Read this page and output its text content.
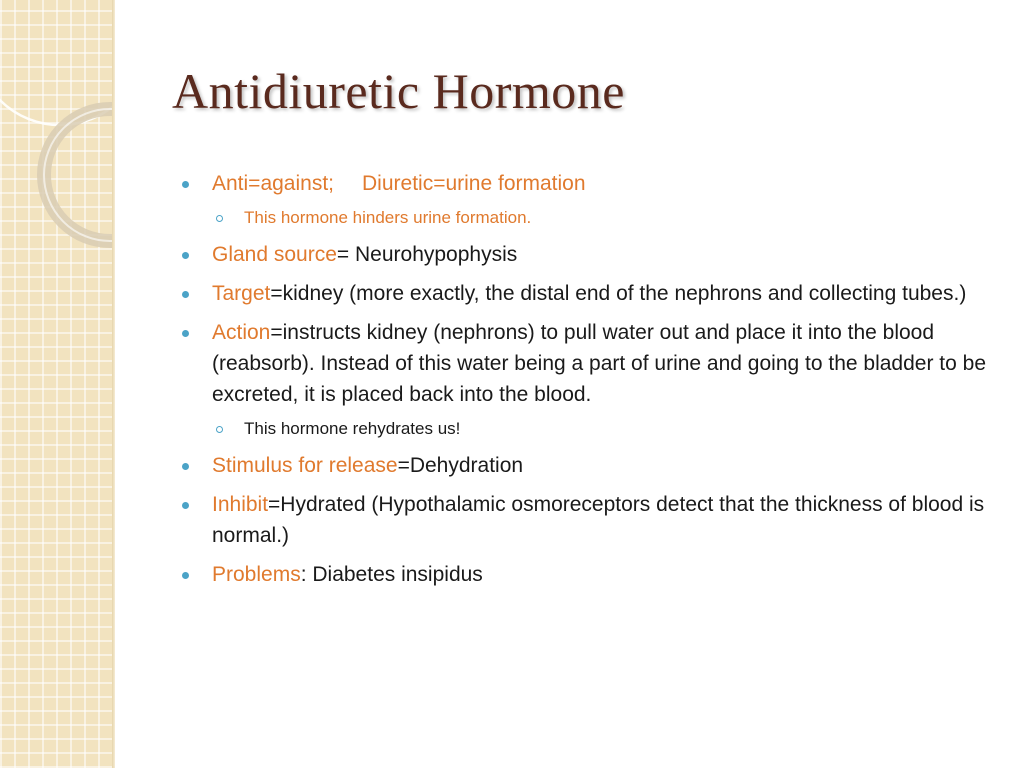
Antidiuretic Hormone
Anti=against; Diuretic=urine formation
This hormone hinders urine formation.
Gland source= Neurohypophysis
Target=kidney (more exactly, the distal end of the nephrons and collecting tubes.)
Action=instructs kidney (nephrons) to pull water out and place it into the blood (reabsorb). Instead of this water being a part of urine and going to the bladder to be excreted, it is placed back into the blood.
This hormone rehydrates us!
Stimulus for release=Dehydration
Inhibit=Hydrated (Hypothalamic osmoreceptors detect that the thickness of blood is normal.)
Problems: Diabetes insipidus
